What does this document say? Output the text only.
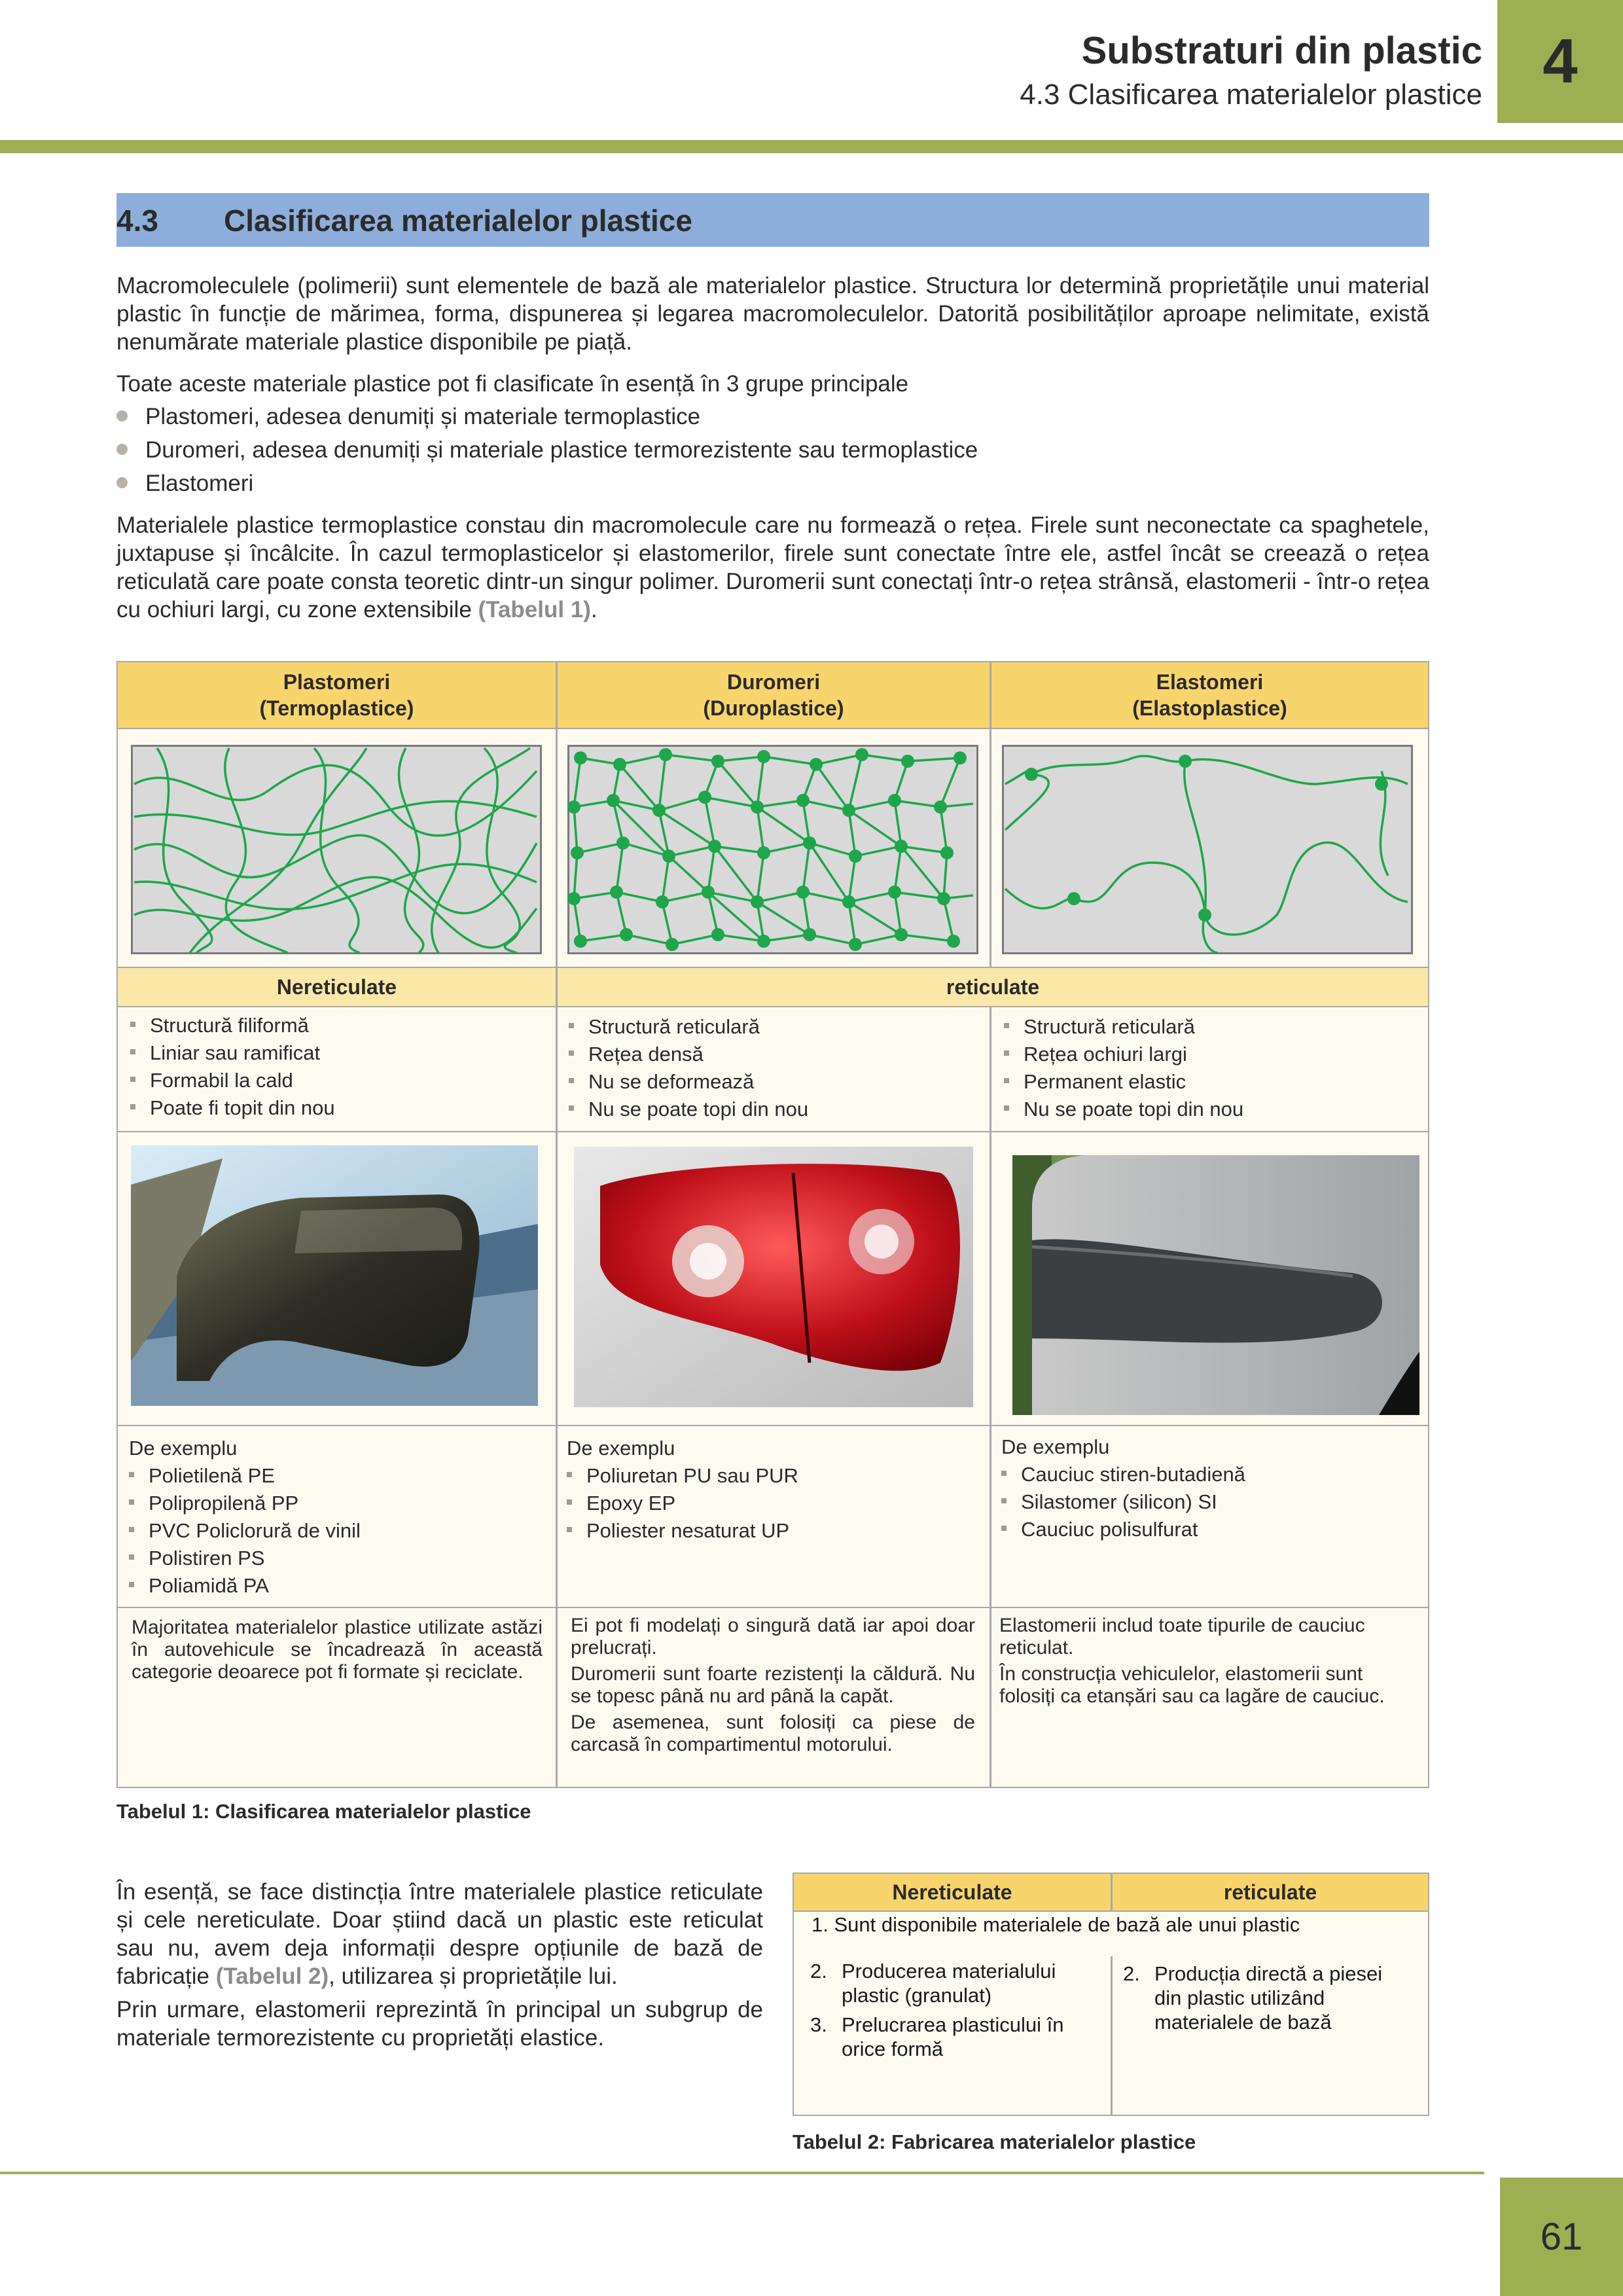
Substraturi din plastic
4.3 Clasificarea materialelor plastice 4
4.3 Clasificarea materialelor plastice
Macromoleculele (polimerii) sunt elementele de bază ale materialelor plastice. Structura lor determină proprietățile unui material plastic în funcție de mărimea, forma, dispunerea și legarea macromoleculelor. Datorită posibilităților aproape nelimitate, există nenumărate materiale plastice disponibile pe piață.
Toate aceste materiale plastice pot fi clasificate în esență în 3 grupe principale
Plastomeri, adesea denumiți și materiale termoplastice
Duromeri, adesea denumiți și materiale plastice termorezistente sau termoplastice
Elastomeri
Materialele plastice termoplastice constau din macromolecule care nu formează o rețea. Firele sunt neconectate ca spaghetele, juxtapuse și încâlcite. În cazul termoplasticelor și elastomerilor, firele sunt conectate între ele, astfel încât se creează o rețea reticulată care poate consta teoretic dintr-un singur polimer. Duromerii sunt conectați într-o rețea strânsă, elastomerii - într-o rețea cu ochiuri largi, cu zone extensibile (Tabelul 1).
Plastomeri
(Termoplastice)
Duromeri
(Duroplastice)
Elastomeri
(Elastoplastice)
Nereticulate	reticulate
Structură filiformă
Liniar sau ramificat
Formabil la cald
Poate fi topit din nou
Structură reticulară
Rețea densă
Nu se deformează
Nu se poate topi din nou
Structură reticulară
Rețea ochiuri largi
Permanent elastic
Nu se poate topi din nou
De exemplu
Polietilenă PE
Polipropilenă PP
PVC Policlorură de vinil
Polistiren PS
Poliamidă PA
De exemplu
Poliuretan PU sau PUR
Epoxy EP
Poliester nesaturat UP
De exemplu
Cauciuc stiren-butadienă
Silastomer (silicon) SI
Cauciuc polisulfurat

Majoritatea materialelor plastice utilizate astăzi în autovehicule se încadrează în această categorie deoarece pot fi formate și reciclate.

Ei pot fi modelați o singură dată iar apoi doar prelucrați.

Duromerii sunt foarte rezistenți la căldură. Nu se topesc până nu ard până la capăt.

De asemenea, sunt folosiți ca piese de carcasă în compartimentul motorului.

Elastomerii includ toate tipurile de cauciuc reticulat.

În construcția vehiculelor, elastomerii sunt folosiți ca etanșări sau ca lagăre de cauciuc.

Tabelul 1: Clasificarea materialelor plastice
În esență, se face distincția între materialele plastice reticulate și cele nereticulate. Doar știind dacă un plastic este reticulat sau nu, avem deja informații despre opțiunile de bază de fabricație (Tabelul 2), utilizarea și proprietățile lui.
Prin urmare, elastomerii reprezintă în principal un subgrup de materiale termorezistente cu proprietăți elastice.
Nereticulate	reticulate
1. Sunt disponibile materialele de bază ale unui plastic
2. Producerea materialului plastic (granulat)
3. Prelucrarea plasticului în orice formă
2. Producția directă a piesei din plastic utilizând materialele de bază
Tabelul 2: Fabricarea materialelor plastice
61
